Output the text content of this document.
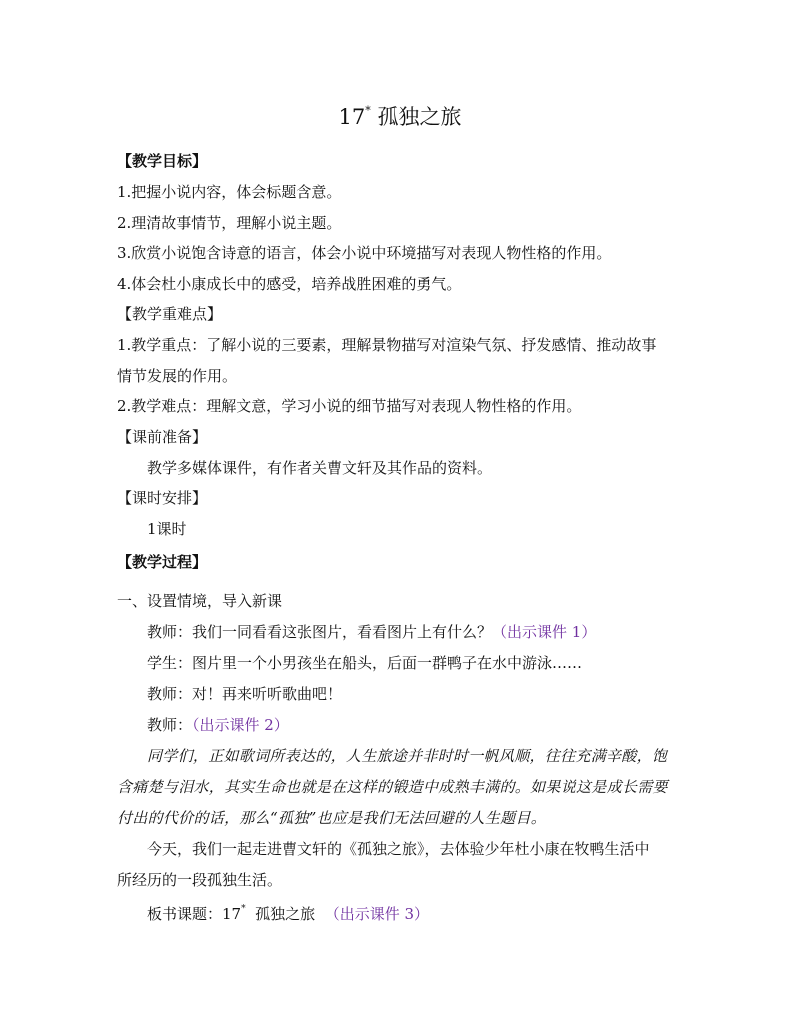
17* 孤独之旅
【教学目标】
1.把握小说内容，体会标题含意。
2.理清故事情节，理解小说主题。
3.欣赏小说饱含诗意的语言，体会小说中环境描写对表现人物性格的作用。
4.体会杜小康成长中的感受，培养战胜困难的勇气。
【教学重难点】
1.教学重点：了解小说的三要素，理解景物描写对渲染气氛、抒发感情、推动故事
情节发展的作用。
2.教学难点：理解文意，学习小说的细节描写对表现人物性格的作用。
【课前准备】
教学多媒体课件，有作者关曹文轩及其作品的资料。
【课时安排】
1课时
【教学过程】
一、设置情境，导入新课
教师：我们一同看看这张图片，看看图片上有什么？（出示课件 1）
学生：图片里一个小男孩坐在船头，后面一群鸭子在水中游泳……
教师：对！再来听听歌曲吧！
教师：（出示课件 2）
同学们，正如歌词所表达的，人生旅途并非时时一帆风顺，往往充满辛酸，饱
含痛楚与泪水，其实生命也就是在这样的锻造中成熟丰满的。如果说这是成长需要
付出的代价的话，那么“孤独”也应是我们无法回避的人生题目。
今天，我们一起走进曹文轩的《孤独之旅》，去体验少年杜小康在牧鸭生活中
所经历的一段孤独生活。
板书课题：17* 孤独之旅 （出示课件 3）
